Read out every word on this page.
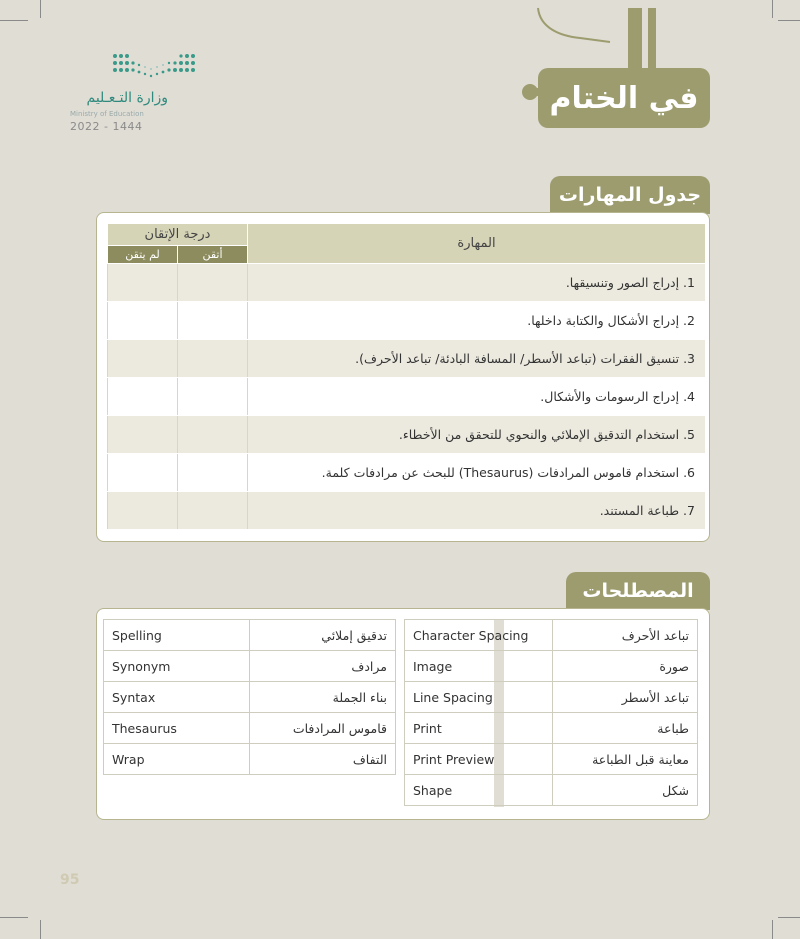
وزارة التـعـليم
Ministry of Education
2022 - 1444
في الختام
جدول المهارات
درجة الإتقان		المهارة
لم يتقن	أتقن	
		1. إدراج الصور وتنسيقها.
		2. إدراج الأشكال والكتابة داخلها.
		3. تنسيق الفقرات (تباعد الأسطر/ المسافة البادئة/ تباعد الأحرف).
		4. إدراج الرسومات والأشكال.
		5. استخدام التدقيق الإملائي والنحوي للتحقق من الأخطاء.
		6. استخدام قاموس المرادفات (Thesaurus) للبحث عن مرادفات كلمة.
		7. طباعة المستند.
المصطلحات
Spelling	تدقيق إملائي
Synonym	مرادف
Syntax	بناء الجملة
Thesaurus	قاموس المرادفات
Wrap	التفاف
Character Spacing	تباعد الأحرف
Image	صورة
Line Spacing	تباعد الأسطر
Print	طباعة
Print Preview	معاينة قبل الطباعة
Shape	شكل
95
